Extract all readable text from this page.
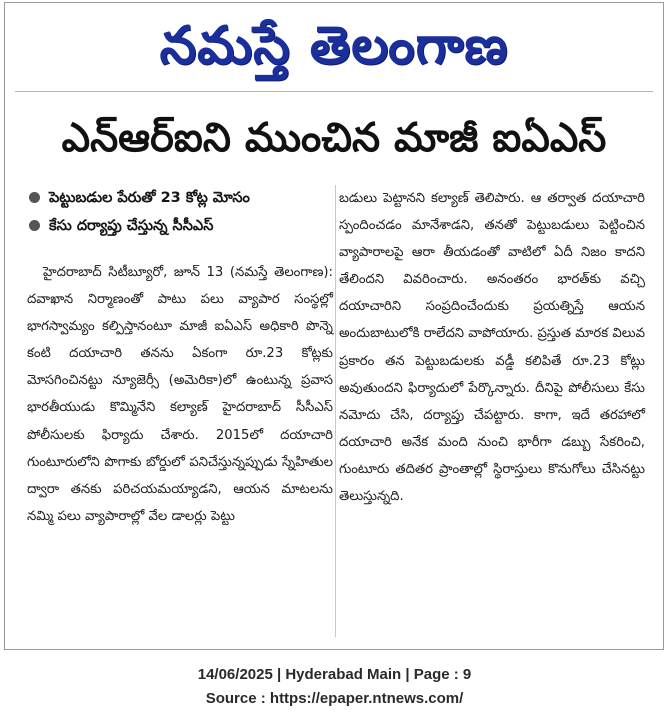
నమస్తే తెలంగాణ
ఎన్ఆర్ఐని ముంచిన మాజీ ఐఏఎస్
పెట్టుబడుల పేరుతో 23 కోట్ల మోసం
కేసు దర్యాప్తు చేస్తున్న సీసీఎస్

హైదరాబాద్ సిటీబ్యూరో, జూన్ 13 (నమస్తే తెలంగాణ): దవాఖాన నిర్మాణంతో పాటు పలు వ్యాపార సంస్థల్లో భాగస్వామ్యం కల్పిస్తానంటూ మాజీ ఐఏఎస్ అధికారి పొన్నె కంటి దయాచారి తనను ఏకంగా రూ.23 కోట్లకు మోసగించినట్టు న్యూజెర్సీ (అమెరికా)లో ఉంటున్న ప్రవాస భారతీయుడు కొమ్మినేని కల్యాణ్ హైదరాబాద్ సీసీఎస్ పోలీసులకు ఫిర్యాదు చేశారు. 2015లో దయాచారి గుంటూరులోని పొగాకు బోర్డులో పనిచేస్తున్నప్పుడు స్నేహితుల ద్వారా తనకు పరిచయమయ్యాడని, ఆయన మాటలను నమ్మి పలు వ్యాపారాల్లో వేల డాలర్లు పెట్టు

బడులు పెట్టానని కల్యాణ్ తెలిపారు. ఆ తర్వాత దయాచారి స్పందించడం మానేశాడని, తనతో పెట్టుబడులు పెట్టించిన వ్యాపారాలపై ఆరా తీయడంతో వాటిలో ఏదీ నిజం కాదని తేలిందని వివరించారు. అనంతరం భారత్‌కు వచ్చి దయాచారిని సంప్రదించేందుకు ప్రయత్నిస్తే ఆయన అందుబాటులోకి రాలేదని వాపోయారు. ప్రస్తుత మారక విలువ ప్రకారం తన పెట్టుబడులకు వడ్డీ కలిపితే రూ.23 కోట్లు అవుతుందని ఫిర్యాదులో పేర్కొన్నారు. దీనిపై పోలీసులు కేసు నమోదు చేసి, దర్యాప్తు చేపట్టారు. కాగా, ఇదే తరహాలో దయాచారి అనేక మంది నుంచి భారీగా డబ్బు సేకరించి, గుంటూరు తదితర ప్రాంతాల్లో స్థిరాస్తులు కొనుగోలు చేసినట్టు తెలుస్తున్నది.

14/06/2025 | Hyderabad Main | Page : 9
Source : https://epaper.ntnews.com/
